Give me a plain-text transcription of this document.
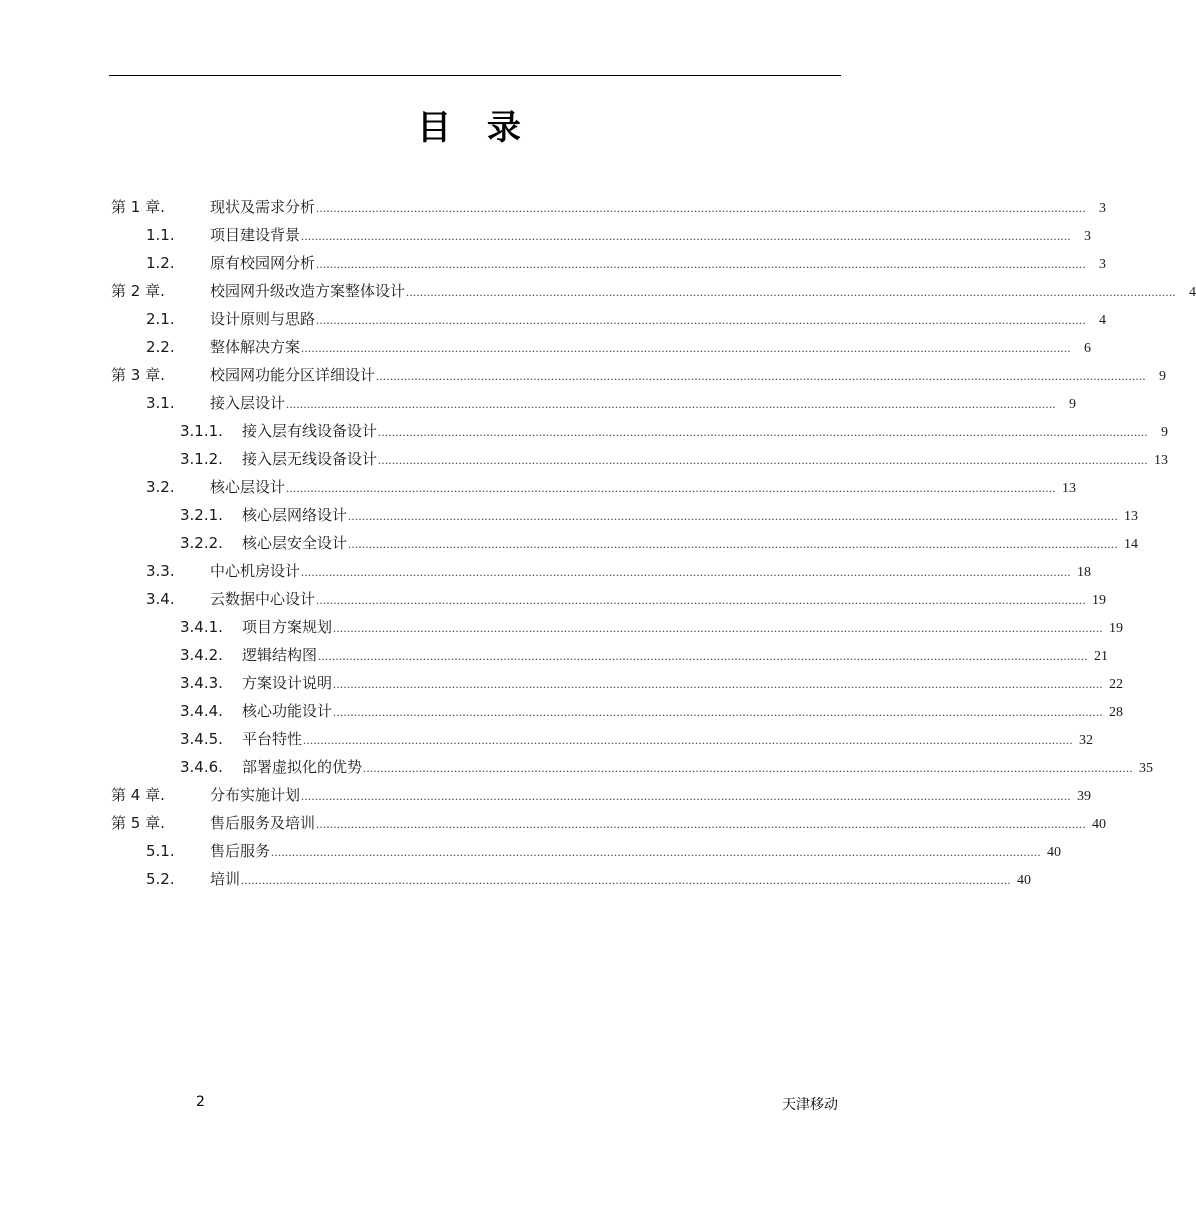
目 录
第 1 章.	现状及需求分析 ............................................................................................................................................................................................................................ 3
1.1. 项目建设背景 ............................................................................................................................................................................................................................ 3
1.2. 原有校园网分析 ............................................................................................................................................................................................................................ 3
第 2 章.	校园网升级改造方案整体设计 ............................................................................................................................................................................................................................ 4
2.1. 设计原则与思路 ............................................................................................................................................................................................................................ 4
2.2. 整体解决方案 ............................................................................................................................................................................................................................ 6
第 3 章.	校园网功能分区详细设计 ............................................................................................................................................................................................................................ 9
3.1. 接入层设计 ............................................................................................................................................................................................................................ 9
3.1.1. 接入层有线设备设计 ............................................................................................................................................................................................................................ 9
3.1.2. 接入层无线设备设计 ............................................................................................................................................................................................................................ 13
3.2. 核心层设计 ............................................................................................................................................................................................................................ 13
3.2.1. 核心层网络设计 ............................................................................................................................................................................................................................ 13
3.2.2. 核心层安全设计 ............................................................................................................................................................................................................................ 14
3.3. 中心机房设计 ............................................................................................................................................................................................................................ 18
3.4. 云数据中心设计 ............................................................................................................................................................................................................................ 19
3.4.1. 项目方案规划 ............................................................................................................................................................................................................................ 19
3.4.2. 逻辑结构图 ............................................................................................................................................................................................................................ 21
3.4.3. 方案设计说明 ............................................................................................................................................................................................................................ 22
3.4.4. 核心功能设计 ............................................................................................................................................................................................................................ 28
3.4.5. 平台特性 ............................................................................................................................................................................................................................ 32
3.4.6. 部署虚拟化的优势 ............................................................................................................................................................................................................................ 35
第 4 章.	分布实施计划 ............................................................................................................................................................................................................................ 39
第 5 章.	售后服务及培训 ............................................................................................................................................................................................................................ 40
5.1. 售后服务 ............................................................................................................................................................................................................................ 40
5.2. 培训 ............................................................................................................................................................................................................................ 40
2	天津移动
